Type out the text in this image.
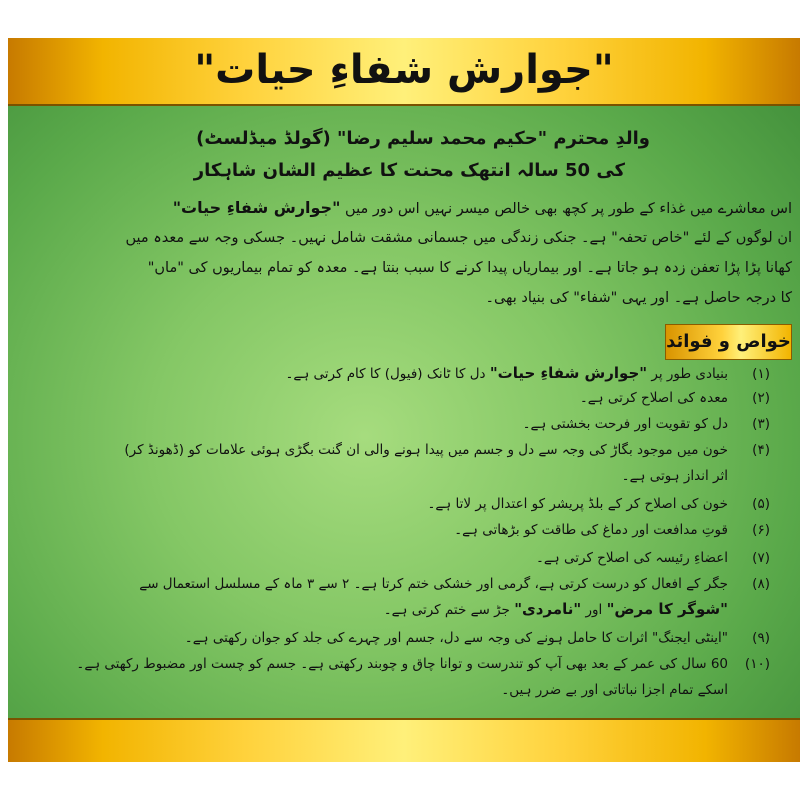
"جوارش شفاءِ حیات"
والدِ محترم "حکیم محمد سلیم رضا" (گولڈ میڈلسٹ)
کی 50 سالہ انتھک محنت کا عظیم الشان شاہکار
اس معاشرے میں غذاء کے طور پر کچھ بھی خالص میسر نہیں اس دور میں "جوارش شفاءِ حیات"
ان لوگوں کے لئے "خاص تحفہ" ہے۔ جنکی زندگی میں جسمانی مشقت شامل نہیں۔ جسکی وجہ سے معدہ میں
کھانا پڑا پڑا تعفن زدہ ہو جاتا ہے۔ اور بیماریاں پیدا کرنے کا سبب بنتا ہے۔ معدہ کو تمام بیماریوں کی "ماں"
کا درجہ حاصل ہے۔ اور یہی "شفاء" کی بنیاد بھی۔
خواص و فوائد
(۱)بنیادی طور پر "جوارش شفاءِ حیات" دل کا ٹانک (فیول) کا کام کرتی ہے۔
(۲)معدہ کی اصلاح کرتی ہے۔
(۳)دل کو تقویت اور فرحت بخشتی ہے۔
(۴)خون میں موجود بگاڑ کی وجہ سے دل و جسم میں پیدا ہونے والی ان گنت بگڑی ہوئی علامات کو (ڈھونڈ کر)
اثر انداز ہوتی ہے۔
(۵)خون کی اصلاح کر کے بلڈ پریشر کو اعتدال پر لاتا ہے۔
(۶)قوتِ مدافعت اور دماغ کی طاقت کو بڑھاتی ہے۔
(۷)اعضاءِ رئیسہ کی اصلاح کرتی ہے۔
(۸)جگر کے افعال کو درست کرتی ہے، گرمی اور خشکی ختم کرتا ہے۔ ۲ سے ۳ ماہ کے مسلسل استعمال سے
"شوگر کا مرض" اور "نامردی" جڑ سے ختم کرتی ہے۔
(۹)"اینٹی ایجنگ" اثرات کا حامل ہونے کی وجہ سے دل، جسم اور چہرے کی جلد کو جوان رکھتی ہے۔
(۱۰)60 سال کی عمر کے بعد بھی آپ کو تندرست و توانا چاق و چوبند رکھتی ہے۔ جسم کو چست اور مضبوط رکھتی ہے۔
اسکے تمام اجزا نباتاتی اور بے ضرر ہیں۔
